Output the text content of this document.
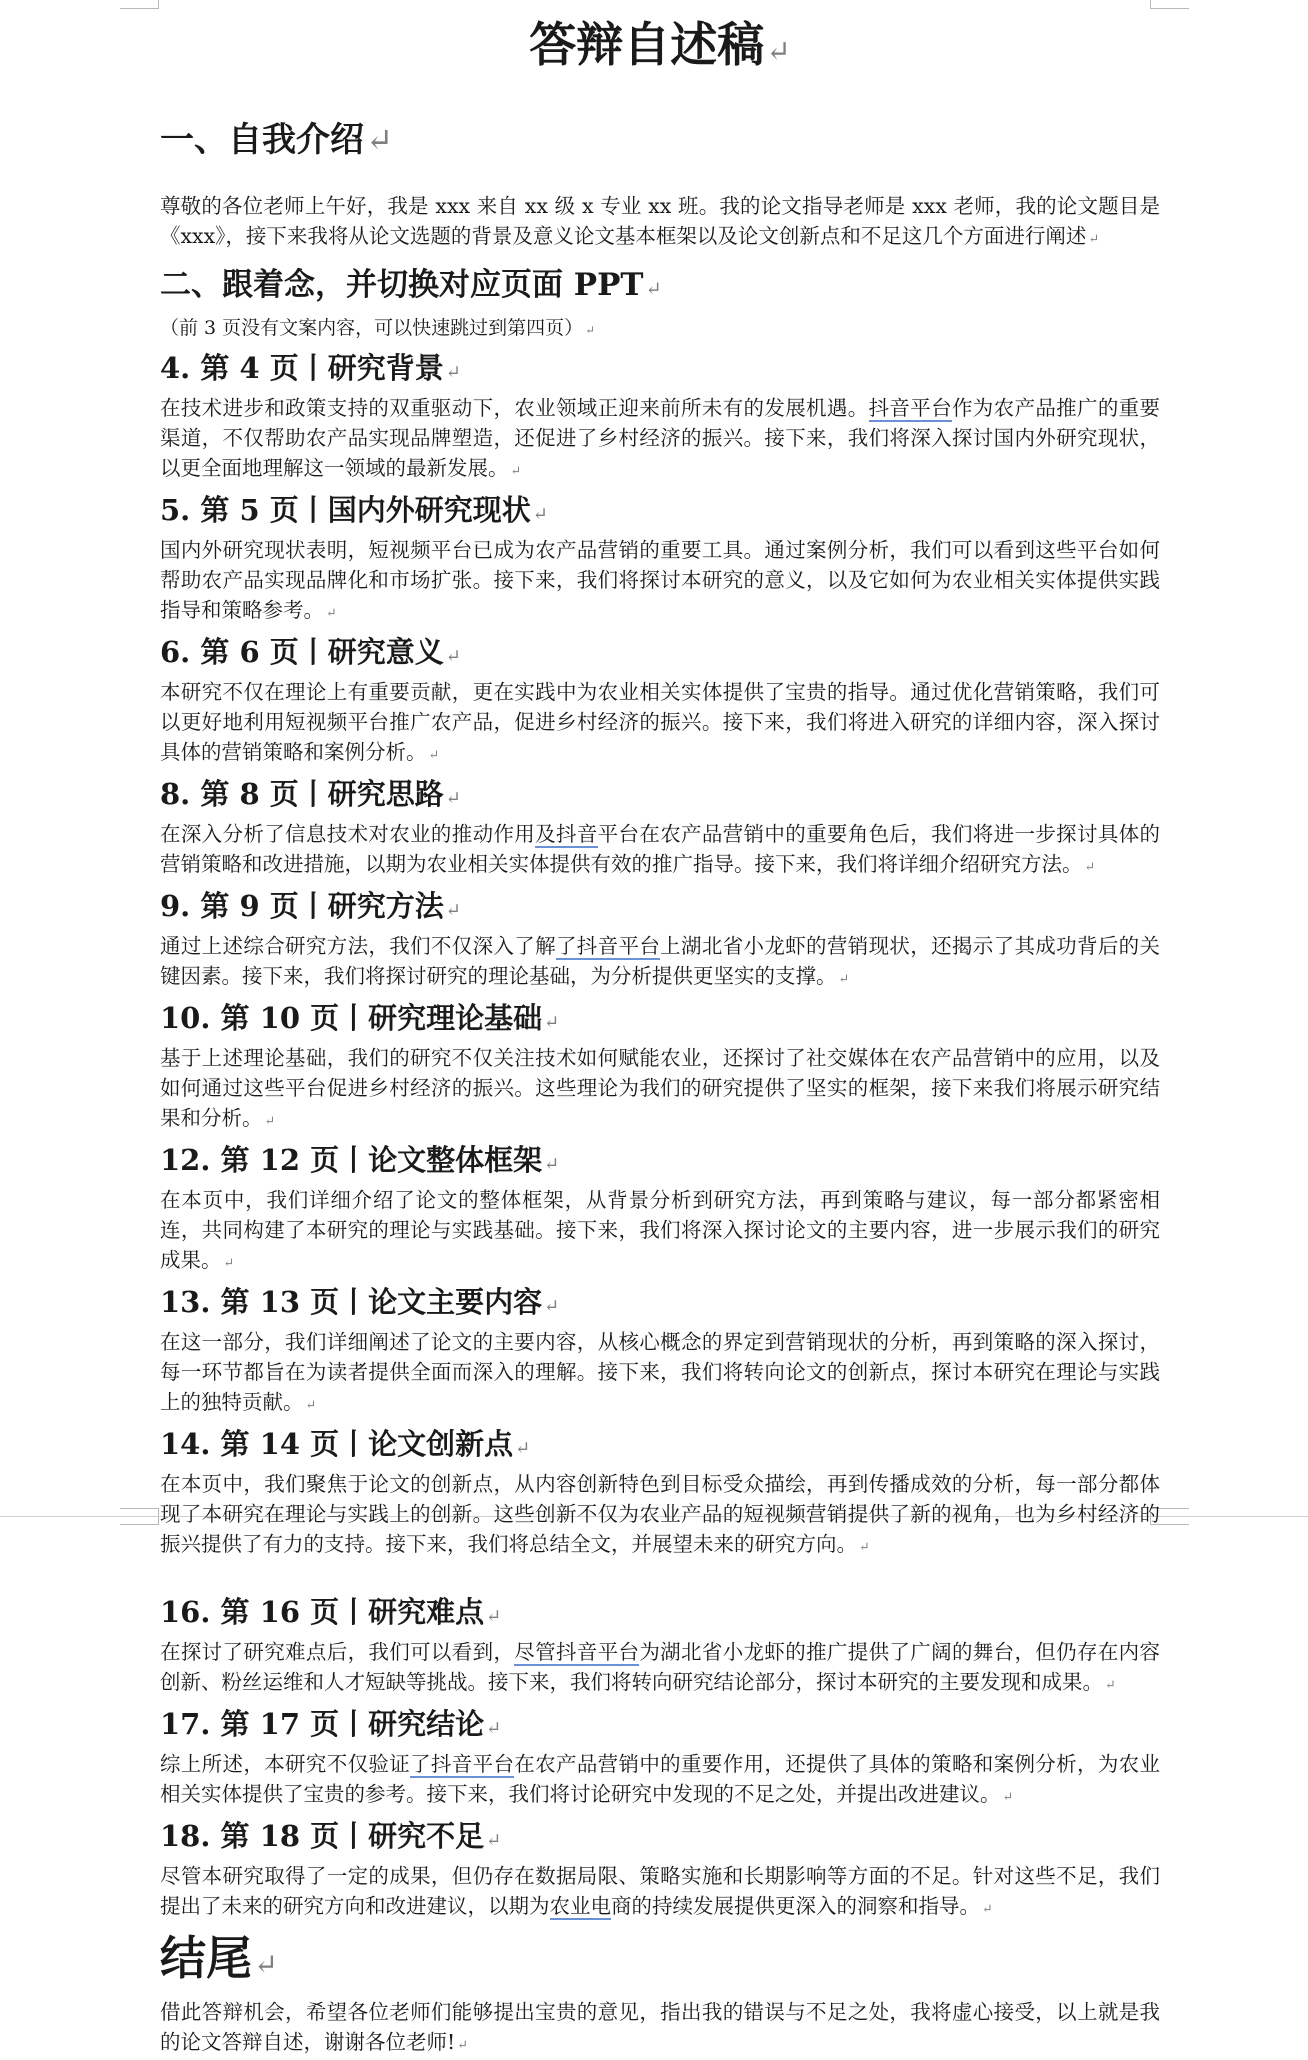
答辩自述稿↵
一、自我介绍↵

尊敬的各位老师上午好，我是 xxx 来自 xx 级 x 专业 xx 班。我的论文指导老师是 xxx 老师，我的论文题目是 《xxx》，接下来我将从论文选题的背景及意义论文基本框架以及论文创新点和不足这几个方面进行阐述 ↵

二、跟着念，并切换对应页面 PPT ↵

（前 3 页没有文案内容，可以快速跳过到第四页） ↵

4. 第 4 页丨研究背景 ↵

在技术进步和政策支持的双重驱动下，农业领域正迎来前所未有的发展机遇。抖音平台作为农产品推广的重要渠道，不仅帮助农产品实现品牌塑造，还促进了乡村经济的振兴。接下来，我们将深入探讨国内外研究现状，以更全面地理解这一领域的最新发展。 ↵

5. 第 5 页丨国内外研究现状 ↵

国内外研究现状表明，短视频平台已成为农产品营销的重要工具。通过案例分析，我们可以看到这些平台如何帮助农产品实现品牌化和市场扩张。接下来，我们将探讨本研究的意义，以及它如何为农业相关实体提供实践指导和策略参考。 ↵

6. 第 6 页丨研究意义 ↵

本研究不仅在理论上有重要贡献，更在实践中为农业相关实体提供了宝贵的指导。通过优化营销策略，我们可以更好地利用短视频平台推广农产品，促进乡村经济的振兴。接下来，我们将进入研究的详细内容，深入探讨具体的营销策略和案例分析。 ↵

8. 第 8 页丨研究思路 ↵

在深入分析了信息技术对农业的推动作用及抖音平台在农产品营销中的重要角色后，我们将进一步探讨具体的营销策略和改进措施，以期为农业相关实体提供有效的推广指导。接下来，我们将详细介绍研究方法。 ↵

9. 第 9 页丨研究方法 ↵

通过上述综合研究方法，我们不仅深入了解了抖音平台上湖北省小龙虾的营销现状，还揭示了其成功背后的关键因素。接下来，我们将探讨研究的理论基础，为分析提供更坚实的支撑。 ↵

10. 第 10 页丨研究理论基础 ↵

基于上述理论基础，我们的研究不仅关注技术如何赋能农业，还探讨了社交媒体在农产品营销中的应用，以及如何通过这些平台促进乡村经济的振兴。这些理论为我们的研究提供了坚实的框架，接下来我们将展示研究结果和分析。 ↵

12. 第 12 页丨论文整体框架 ↵

在本页中，我们详细介绍了论文的整体框架，从背景分析到研究方法，再到策略与建议，每一部分都紧密相连，共同构建了本研究的理论与实践基础。接下来，我们将深入探讨论文的主要内容，进一步展示我们的研究成果。 ↵

13. 第 13 页丨论文主要内容 ↵

在这一部分，我们详细阐述了论文的主要内容，从核心概念的界定到营销现状的分析，再到策略的深入探讨，每一环节都旨在为读者提供全面而深入的理解。接下来，我们将转向论文的创新点，探讨本研究在理论与实践上的独特贡献。 ↵

14. 第 14 页丨论文创新点 ↵

在本页中，我们聚焦于论文的创新点，从内容创新特色到目标受众描绘，再到传播成效的分析，每一部分都体现了本研究在理论与实践上的创新。这些创新不仅为农业产品的短视频营销提供了新的视角，也为乡村经济的振兴提供了有力的支持。接下来，我们将总结全文，并展望未来的研究方向。 ↵

16. 第 16 页丨研究难点 ↵

在探讨了研究难点后，我们可以看到，尽管抖音平台为湖北省小龙虾的推广提供了广阔的舞台，但仍存在内容创新、粉丝运维和人才短缺等挑战。接下来，我们将转向研究结论部分，探讨本研究的主要发现和成果。 ↵

17. 第 17 页丨研究结论 ↵

综上所述，本研究不仅验证了抖音平台在农产品营销中的重要作用，还提供了具体的策略和案例分析，为农业相关实体提供了宝贵的参考。接下来，我们将讨论研究中发现的不足之处，并提出改进建议。 ↵

18. 第 18 页丨研究不足 ↵

尽管本研究取得了一定的成果，但仍存在数据局限、策略实施和长期影响等方面的不足。针对这些不足，我们提出了未来的研究方向和改进建议，以期为农业电商的持续发展提供更深入的洞察和指导。 ↵

结尾↵

借此答辩机会，希望各位老师们能够提出宝贵的意见，指出我的错误与不足之处，我将虚心接受，以上就是我的论文答辩自述，谢谢各位老师! ↵
